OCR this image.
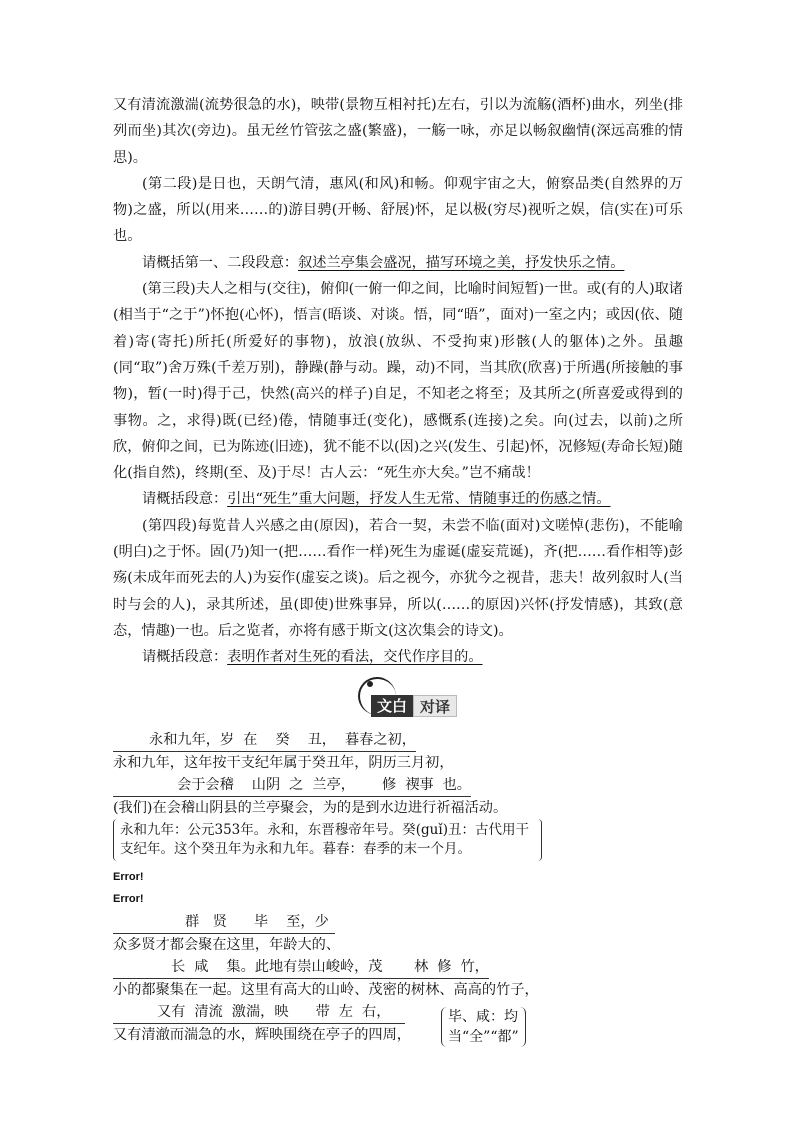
又有清流激湍(流势很急的水)，映带(景物互相衬托)左右，引以为流觞(酒杯)曲水，列坐(排列而坐)其次(旁边)。虽无丝竹管弦之盛(繁盛)，一觞一咏，亦足以畅叙幽情(深远高雅的情思)。

(第二段)是日也，天朗气清，惠风(和风)和畅。仰观宇宙之大，俯察品类(自然界的万物)之盛，所以(用来……的)游目骋(开畅、舒展)怀，足以极(穷尽)视听之娱，信(实在)可乐也。

请概括第一、二段段意：叙述兰亭集会盛况，描写环境之美，抒发快乐之情。

(第三段)夫人之相与(交往)，俯仰(一俯一仰之间，比喻时间短暂)一世。或(有的人)取诸(相当于“之于”)怀抱(心怀)，悟言(晤谈、对谈。悟，同“晤”，面对)一室之内；或因(依、随着)寄(寄托)所托(所爱好的事物)，放浪(放纵、不受拘束)形骸(人的躯体)之外。虽趣(同“取”)舍万殊(千差万别)，静躁(静与动。躁，动)不同，当其欣(欣喜)于所遇(所接触的事物)，暂(一时)得于己，快然(高兴的样子)自足，不知老之将至；及其所之(所喜爱或得到的事物。之，求得)既(已经)倦，情随事迁(变化)，感慨系(连接)之矣。向(过去，以前)之所欣，俯仰之间，已为陈迹(旧迹)，犹不能不以(因)之兴(发生、引起)怀，况修短(寿命长短)随化(指自然)，终期(至、及)于尽！古人云：“死生亦大矣。”岂不痛哉！

请概括段意：引出“死生”重大问题，抒发人生无常、情随事迁的伤感之情。

(第四段)每览昔人兴感之由(原因)，若合一契，未尝不临(面对)文嗟悼(悲伤)，不能喻(明白)之于怀。固(乃)知一(把……看作一样)死生为虚诞(虚妄荒诞)，齐(把……看作相等)彭殇(未成年而死去的人)为妄作(虚妄之谈)。后之视今，亦犹今之视昔，悲夫！故列叙时人(当时与会的人)，录其所述，虽(即使)世殊事异，所以(……的原因)兴怀(抒发情感)，其致(意态，情趣)一也。后之览者，亦将有感于斯文(这次集会的诗文)。

请概括段意：表明作者对生死的看法，交代作序目的。

文白 对译
永和九年，岁  在    癸    丑，  暮春之初，
永和九年，这年按干支纪年属于癸丑年，阴历三月初，
会于会稽    山阴  之  兰亭，      修  禊事  也。
(我们)在会稽山阴县的兰亭聚会，为的是到水边进行祈福活动。

永和九年：公元353年。永和，东晋穆帝年号。癸(guǐ)丑：古代用干支纪年。这个癸丑年为永和九年。暮春：春季的末一个月。

Error!

Error!

群   贤      毕    至，少
众多贤才都会聚在这里，年龄大的、
长  咸    集。此地有崇山峻岭，茂       林  修  竹，
小的都聚集在一起。这里有高大的山岭、茂密的树林、高高的竹子，
又有  清流  激湍，映      带  左  右，
又有清澈而湍急的水，辉映围绕在亭子的四周，
毕、咸：均
当“全”“都”
